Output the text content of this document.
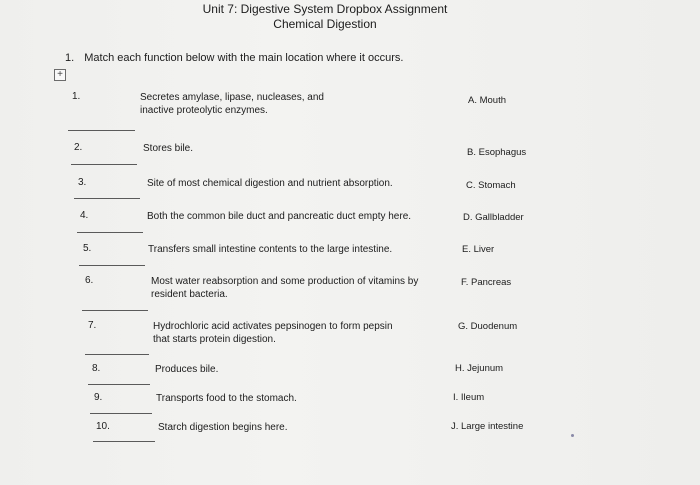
Unit 7: Digestive System Dropbox Assignment
Chemical Digestion
1. Match each function below with the main location where it occurs.
+
1.	Secretes amylase, lipase, nucleases, and inactive proteolytic enzymes.
2.	Stores bile.
3.	Site of most chemical digestion and nutrient absorption.
4.	Both the common bile duct and pancreatic duct empty here.
5.	Transfers small intestine contents to the large intestine.
6.	Most water reabsorption and some production of vitamins by resident bacteria.
7.	Hydrochloric acid activates pepsinogen to form pepsin that starts protein digestion.
8.	Produces bile.
9.	Transports food to the stomach.
10.	Starch digestion begins here.
A. Mouth
B. Esophagus
C. Stomach
D. Gallbladder
E. Liver
F. Pancreas
G. Duodenum
H. Jejunum
I. Ileum
J. Large intestine
